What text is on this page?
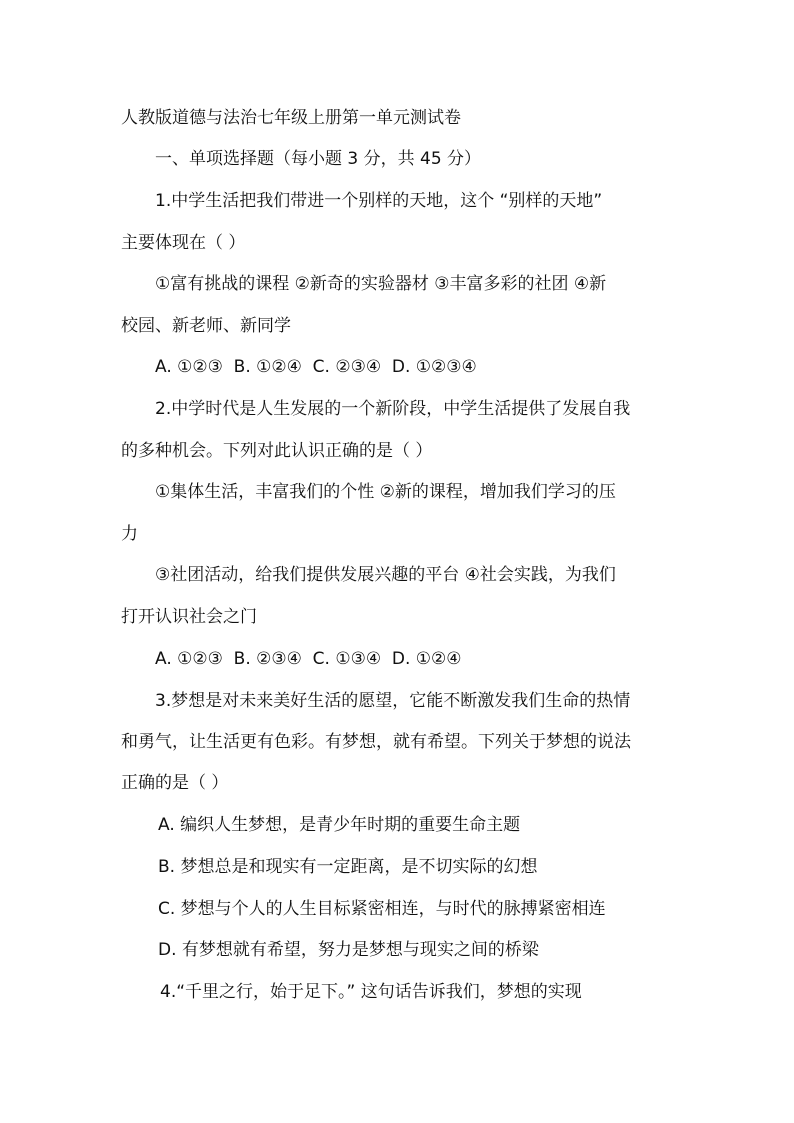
人教版道德与法治七年级上册第一单元测试卷
一、单项选择题（每小题 3 分，共 45 分）
1.中学生活把我们带进一个别样的天地，这个 “别样的天地”
主要体现在（ ）
①富有挑战的课程 ②新奇的实验器材 ③丰富多彩的社团 ④新
校园、新老师、新同学
A. ①②③  B. ①②④  C. ②③④  D. ①②③④
2.中学时代是人生发展的一个新阶段，中学生活提供了发展自我
的多种机会。下列对此认识正确的是（ ）
①集体生活，丰富我们的个性 ②新的课程，增加我们学习的压
力
③社团活动，给我们提供发展兴趣的平台 ④社会实践，为我们
打开认识社会之门
A. ①②③  B. ②③④  C. ①③④  D. ①②④
3.梦想是对未来美好生活的愿望，它能不断激发我们生命的热情
和勇气，让生活更有色彩。有梦想，就有希望。下列关于梦想的说法
正确的是（ ）
A. 编织人生梦想，是青少年时期的重要生命主题
B. 梦想总是和现实有一定距离，是不切实际的幻想
C. 梦想与个人的人生目标紧密相连，与时代的脉搏紧密相连
D. 有梦想就有希望，努力是梦想与现实之间的桥梁
4.“千里之行，始于足下。” 这句话告诉我们，梦想的实现
